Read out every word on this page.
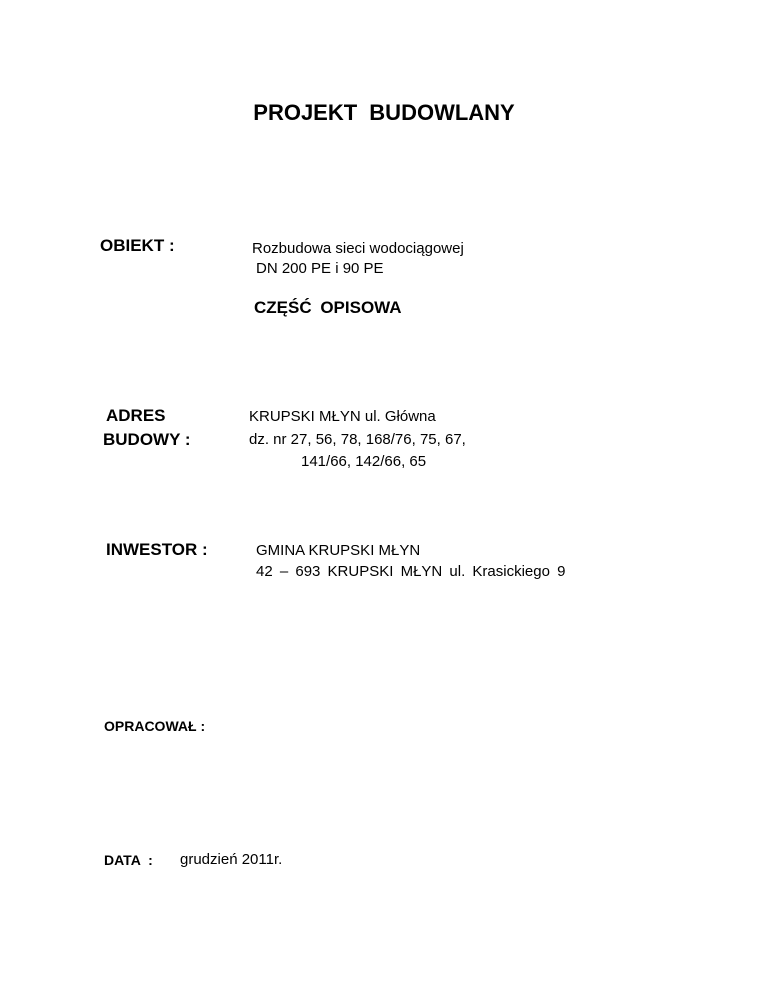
PROJEKT BUDOWLANY
OBIEKT :	Rozbudowa sieci wodociągowej
DN 200 PE i 90 PE
CZĘŚĆ OPISOWA
ADRES
BUDOWY :
KRUPSKI MŁYN ul. Główna
dz. nr 27, 56, 78, 168/76, 75, 67,
141/66, 142/66, 65
INWESTOR :	GMINA KRUPSKI MŁYN
42 – 693 KRUPSKI MŁYN ul. Krasickiego 9
OPRACOWAŁ :
DATA : grudzień 2011r.
